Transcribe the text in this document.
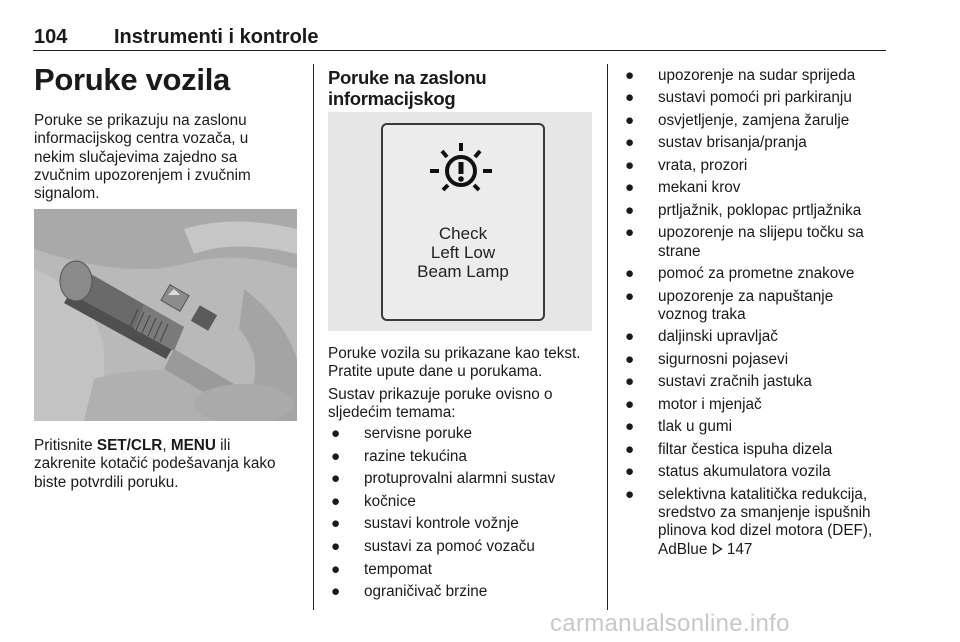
104 Instrumenti i kontrole
Poruke vozila
Poruke se prikazuju na zaslonu
informacijskog centra vozača, u
nekim slučajevima zajedno sa
zvučnim upozorenjem i zvučnim
signalom.
Pritisnite SET/CLR, MENU ili
zakrenite kotačić podešavanja kako
biste potvrdili poruku.
Poruke na zaslonu informacijskog
Check
Left Low
Beam Lamp
Poruke vozila su prikazane kao tekst.
Pratite upute dane u porukama.
Sustav prikazuje poruke ovisno o
sljedećim temama:
● servisne poruke
● razine tekućina
● protuprovalni alarmni sustav
● kočnice
● sustavi kontrole vožnje
● sustavi za pomoć vozaču
● tempomat
● ograničivač brzine
● upozorenje na sudar sprijeda
● sustavi pomoći pri parkiranju
● osvjetljenje, zamjena žarulje
● sustav brisanja/pranja
● vrata, prozori
● mekani krov
● prtljažnik, poklopac prtljažnika
● upozorenje na slijepu točku sa
strane
● pomoć za prometne znakove
● upozorenje za napuštanje
voznog traka
● daljinski upravljač
● sigurnosni pojasevi
● sustavi zračnih jastuka
● motor i mjenjač
● tlak u gumi
● filtar čestica ispuha dizela
● status akumulatora vozila
● selektivna katalitička redukcija,
sredstvo za smanjenje ispušnih
plinova kod dizel motora (DEF),
AdBlue 147
carmanualsonline.info
